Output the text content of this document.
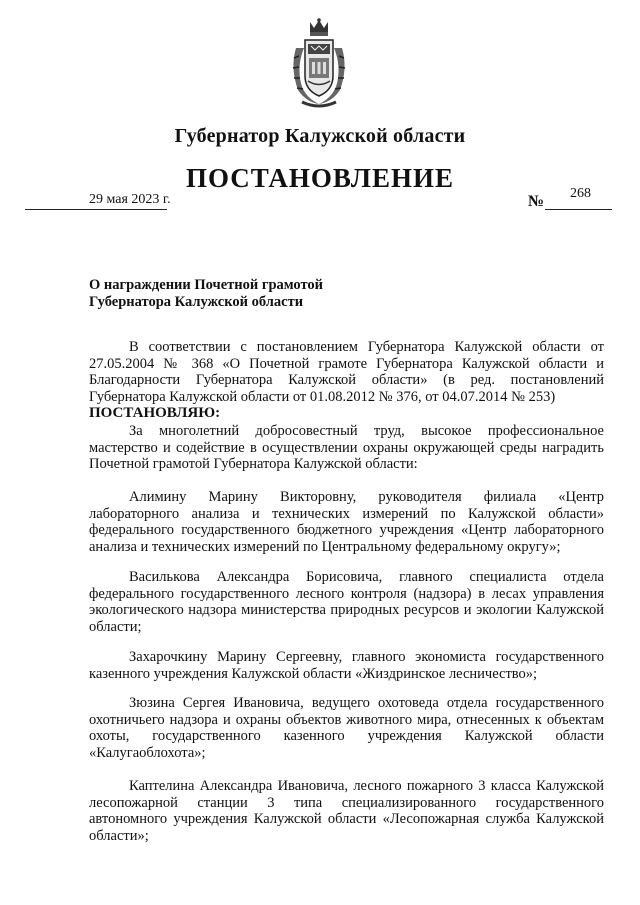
Губернатор Калужской области
ПОСТАНОВЛЕНИЕ
29 мая 2023 г.	№ 268
О награждении Почетной грамотой
Губернатора Калужской области
В соответствии с постановлением Губернатора Калужской области от 27.05.2004 № 368 «О Почетной грамоте Губернатора Калужской области и Благодарности Губернатора Калужской области» (в ред. постановлений Губернатора Калужской области от 01.08.2012 № 376, от 04.07.2014 № 253)
ПОСТАНОВЛЯЮ:
За многолетний добросовестный труд, высокое профессиональное мастерство и содействие в осуществлении охраны окружающей среды наградить Почетной грамотой Губернатора Калужской области:
Алимину Марину Викторовну, руководителя филиала «Центр лабораторного анализа и технических измерений по Калужской области» федерального государственного бюджетного учреждения «Центр лабораторного анализа и технических измерений по Центральному федеральному округу»;
Василькова Александра Борисовича, главного специалиста отдела федерального государственного лесного контроля (надзора) в лесах управления экологического надзора министерства природных ресурсов и экологии Калужской области;
Захарочкину Марину Сергеевну, главного экономиста государственного казенного учреждения Калужской области «Жиздринское лесничество»;
Зюзина Сергея Ивановича, ведущего охотоведа отдела государственного охотничьего надзора и охраны объектов животного мира, отнесенных к объектам охоты, государственного казенного учреждения Калужской области «Калугаоблохота»;
Каптелина Александра Ивановича, лесного пожарного 3 класса Калужской лесопожарной станции 3 типа специализированного государственного автономного учреждения Калужской области «Лесопожарная служба Калужской области»;
